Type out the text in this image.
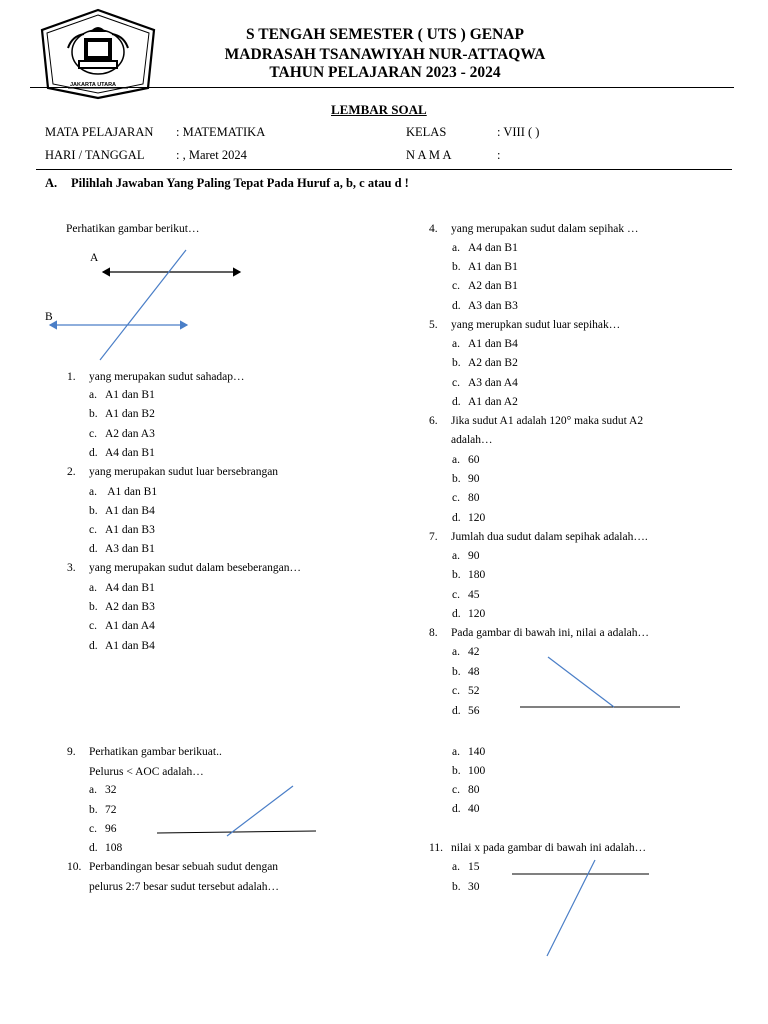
JAKARTA UTARA
S TENGAH SEMESTER ( UTS ) GENAP
MADRASAH TSANAWIYAH NUR-ATTAQWA
TAHUN PELAJARAN 2023 - 2024
LEMBAR SOAL
MATA PELAJARAN : MATEMATIKA	KELAS	: VIII ( )
HARI / TANGGAL	: , Maret 2024	N A M A	:
A. Pilihlah Jawaban Yang Paling Tepat Pada Huruf a, b, c atau d !
Perhatikan gambar berikut…
A
B
1. yang merupakan sudut sahadap…
a. A1 dan B1
b. A1 dan B2
c. A2 dan A3
d. A4 dan B1
2. yang merupakan sudut luar bersebrangan
a. A1 dan B1
b. A1 dan B4
c. A1 dan B3
d. A3 dan B1
3. yang merupakan sudut dalam beseberangan…
a. A4 dan B1
b. A2 dan B3
c. A1 dan A4
d. A1 dan B4
4. yang merupakan sudut dalam sepihak …
a. A4 dan B1
b. A1 dan B1
c. A2 dan B1
d. A3 dan B3
5. yang merupkan sudut luar sepihak…
a. A1 dan B4
b. A2 dan B2
c. A3 dan A4
d. A1 dan A2
6. Jika sudut A1 adalah 120° maka sudut A2
adalah…
a. 60
b. 90
c. 80
d. 120
7. Jumlah dua sudut dalam sepihak adalah….
a. 90
b. 180
c. 45
d. 120
8. Pada gambar di bawah ini, nilai a adalah…
a. 42
b. 48
c. 52
d. 56
9. Perhatikan gambar berikuat..
Pelurus < AOC adalah…
a. 32
b. 72
c. 96
d. 108
10. Perbandingan besar sebuah sudut dengan
pelurus 2:7 besar sudut tersebut adalah…
a. 140
b. 100
c. 80
d. 40
11. nilai x pada gambar di bawah ini adalah…
a. 15
b. 30
